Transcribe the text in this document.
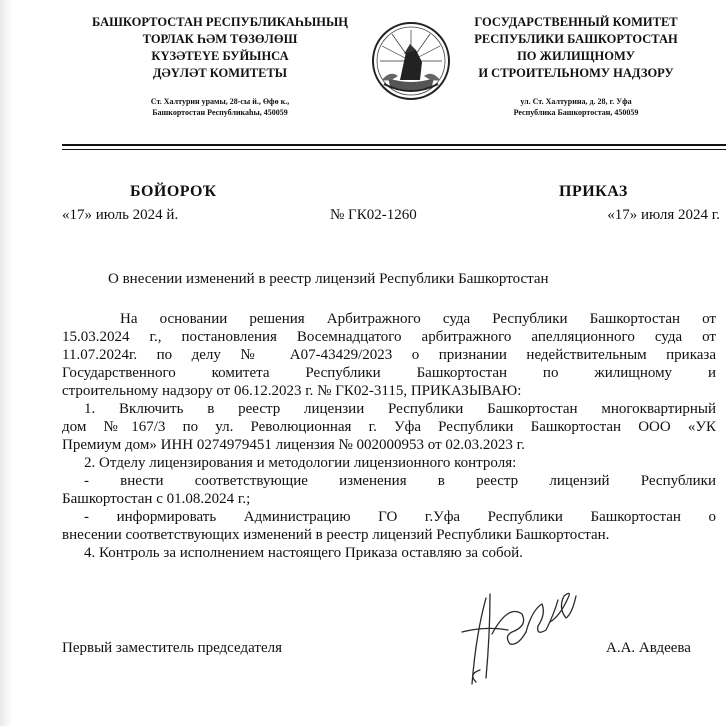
БАШКОРТОСТАН РЕСПУБЛИКАҺЫНЫҢ
ТОРЛАК ҺӘМ ТӨЗӨЛӨШ
КҮЗӘТЕҮЕ БУЙЫНСА
ДӘҮЛӘТ КОМИТЕТЫ
Ст. Халтурин урамы, 28-сы й., Өфө к.,
Башкортостан Республикаһы, 450059
ГОСУДАРСТВЕННЫЙ КОМИТЕТ
РЕСПУБЛИКИ БАШКОРТОСТАН
ПО ЖИЛИЩНОМУ
И СТРОИТЕЛЬНОМУ НАДЗОРУ
ул. Ст. Халтурина, д. 28, г. Уфа
Республика Башкортостан, 450059
БОЙОРОҠ	ПРИКАЗ
«17» июль 2024 й.	№ ГК02-1260	«17» июля 2024 г.
О внесении изменений в реестр лицензий Республики Башкортостан
На основании решения Арбитражного суда Республики Башкортостан от
15.03.2024 г., постановления Восемнадцатого арбитражного апелляционного суда от
11.07.2024г. по делу № А07-43429/2023 о признании недействительным приказа
Государственного комитета Республики Башкортостан по жилищному и
строительному надзору от 06.12.2023 г. № ГК02-3115, ПРИКАЗЫВАЮ:
1. Включить в реестр лицензии Республики Башкортостан многоквартирный
дом №167/3 по ул. Революционная г. Уфа Республики Башкортостан ООО «УК
Премиум дом» ИНН 0274979451 лицензия № 002000953 от 02.03.2023 г.
2. Отделу лицензирования и методологии лицензионного контроля:
- внести соответствующие изменения в реестр лицензий Республики
Башкортостан с 01.08.2024 г.;
- информировать Администрацию ГО г.Уфа Республики Башкортостан о
внесении соответствующих изменений в реестр лицензий Республики Башкортостан.
4. Контроль за исполнением настоящего Приказа оставляю за собой.
Первый заместитель председателя	А.А. Авдеева
